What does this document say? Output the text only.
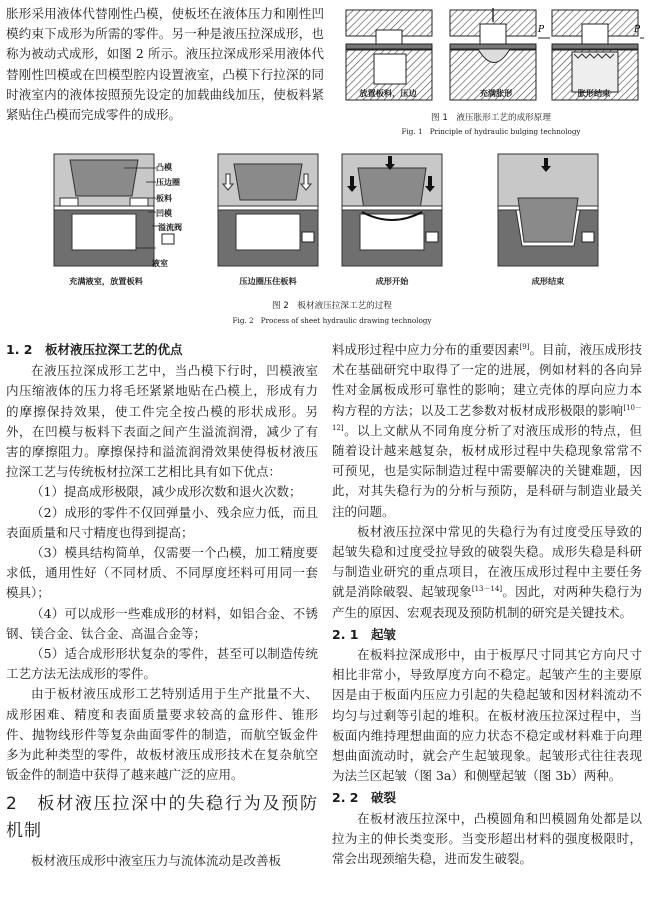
胀形采用液体代替刚性凸模，使板坯在液体压力和刚性凹模约束下成形为所需的零件。另一种是液压拉深成形，也称为被动式成形，如图 2 所示。液压拉深成形采用液体代替刚性凹模或在凹模型腔内设置液室，凸模下行拉深的同时液室内的液体按照预先设定的加载曲线加压，使板料紧紧贴住凸模而完成零件的成形。

P
P
放置板料，压边	充满胀形	胀形结束
图 1　液压胀形工艺的成形原理
Fig. 1　Principle of hydraulic bulging technology
凸模
压边圈
板料
凹模
溢流阀
液室
充满液室，放置板料	压边圈压住板料	成形开始	成形结束
图 2　板材液压拉深工艺的过程
Fig. 2　Process of sheet hydraulic drawing technology
1. 2　板材液压拉深工艺的优点

在液压拉深成形工艺中，当凸模下行时，凹模液室内压缩液体的压力将毛坯紧紧地贴在凸模上，形成有力的摩擦保持效果，使工件完全按凸模的形状成形。另外，在凹模与板料下表面之间产生溢流润滑，减少了有害的摩擦阻力。摩擦保持和溢流润滑效果使得板材液压拉深工艺与传统板材拉深工艺相比具有如下优点：

（1）提高成形极限，减少成形次数和退火次数；

（2）成形的零件不仅回弹量小、残余应力低，而且表面质量和尺寸精度也得到提高；

（3）模具结构简单，仅需要一个凸模，加工精度要求低，通用性好（不同材质、不同厚度坯料可用同一套模具）；

（4）可以成形一些难成形的材料，如铝合金、不锈钢、镁合金、钛合金、高温合金等；

（5）适合成形形状复杂的零件，甚至可以制造传统工艺方法无法成形的零件。

由于板材液压成形工艺特别适用于生产批量不大、成形困难、精度和表面质量要求较高的盒形件、锥形件、抛物线形件等复杂曲面零件的制造，而航空钣金件多为此种类型的零件，故板材液压成形技术在复杂航空钣金件的制造中获得了越来越广泛的应用。

2　板材液压拉深中的失稳行为及预防机制

板材液压成形中液室压力与流体流动是改善板

料成形过程中应力分布的重要因素[9]。目前，液压成形技术在基础研究中取得了一定的进展，例如材料的各向异性对金属板成形可靠性的影响；建立壳体的厚向应力本构方程的方法；以及工艺参数对板材成形极限的影响[10－12]。以上文献从不同角度分析了对液压成形的特点，但随着设计越来越复杂，板材成形过程中失稳现象常常不可预见，也是实际制造过程中需要解决的关键难题，因此，对其失稳行为的分析与预防，是科研与制造业最关注的问题。

板材液压拉深中常见的失稳行为有过度受压导致的起皱失稳和过度受拉导致的破裂失稳。成形失稳是科研与制造业研究的重点项目，在液压成形过程中主要任务就是消除破裂、起皱现象[13－14]。因此，对两种失稳行为产生的原因、宏观表现及预防机制的研究是关键技术。

2. 1　起皱

在板料拉深成形中，由于板厚尺寸同其它方向尺寸相比非常小，导致厚度方向不稳定。起皱产生的主要原因是由于板面内压应力引起的失稳起皱和因材料流动不均匀与过剩等引起的堆积。在板材液压拉深过程中，当板面内维持理想曲面的应力状态不稳定或材料难于向理想曲面流动时，就会产生起皱现象。起皱形式往往表现为法兰区起皱（图 3a）和侧壁起皱（图 3b）两种。

2. 2　破裂

在板材液压拉深中，凸模圆角和凹模圆角处都是以拉为主的伸长类变形。当变形超出材料的强度极限时，常会出现颈缩失稳，进而发生破裂。
